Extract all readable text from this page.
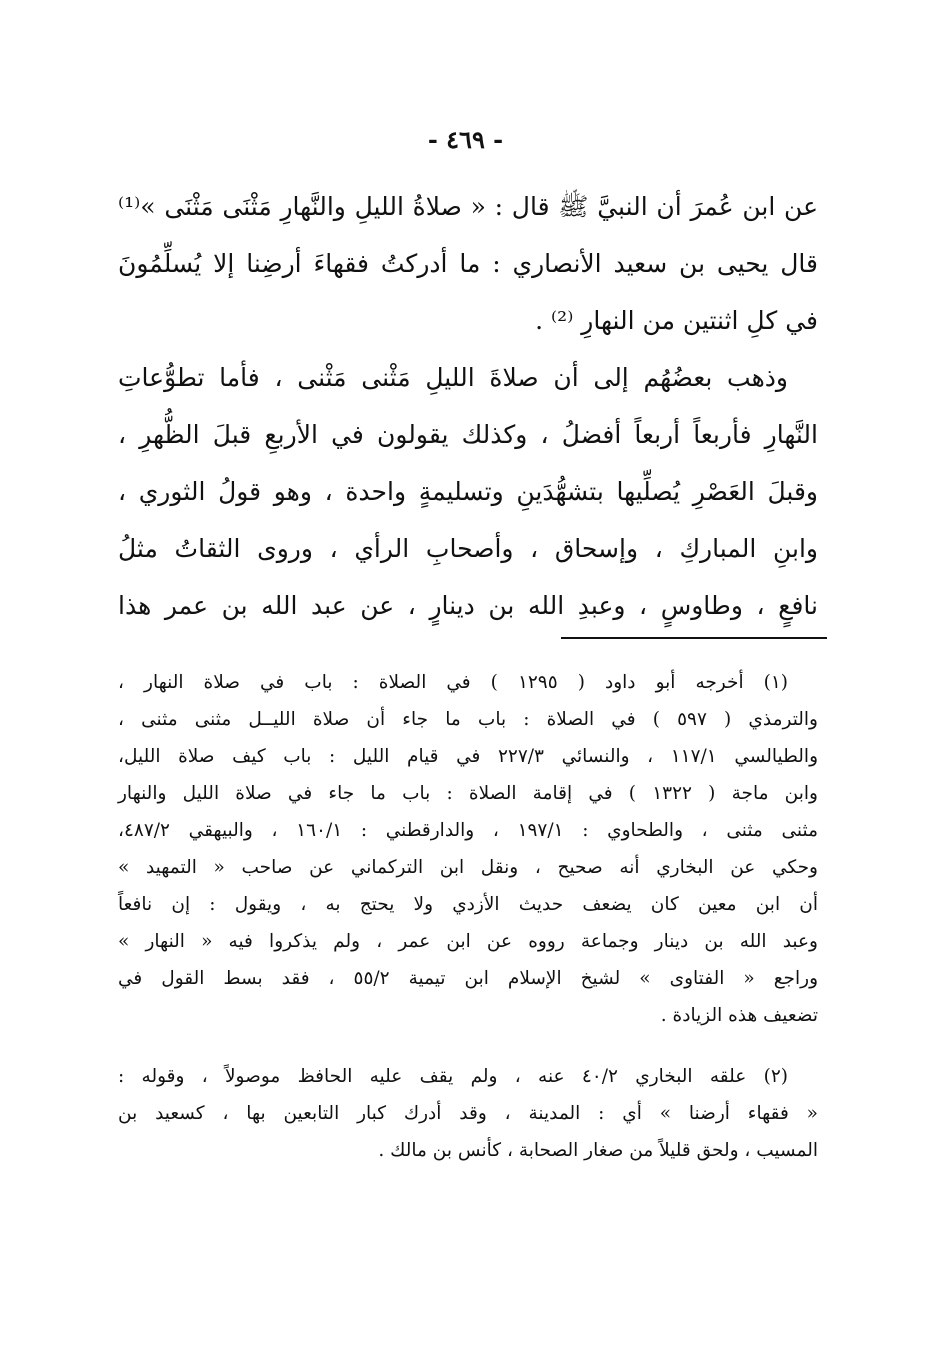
- ٤٦٩ -

عن ابن عُمرَ أن النبيَّ ﷺ قال : « صلاةُ الليلِ والنَّهارِ مَثْنَى مَثْنَى »⁽¹⁾

قال يحيى بن سعيد الأنصاري : ما أدركتُ فقهاءَ أرضِنا إلا يُسلِّمُونَ

في كلِ اثنتين من النهارِ ⁽²⁾ .

وذهب بعضُهُم إلى أن صلاةَ الليلِ مَثْنى مَثْنى ، فأما تطوُّعاتِ

النَّهارِ فأربعاً أربعاً أفضلُ ، وكذلك يقولون في الأربعِ قبلَ الظُّهرِ ،

وقبلَ العَصْرِ يُصلِّيها بتشهُّدَينِ وتسليمةٍ واحدة ، وهو قولُ الثوري ،

وابنِ المباركِ ، وإسحاق ، وأصحابِ الرأي ، وروى الثقاتُ مثلُ

نافعٍ ، وطاوسٍ ، وعبدِ الله بن دينارٍ ، عن عبد الله بن عمر هذا

(١) أخرجه أبو داود ( ١٢٩٥ ) في الصلاة : باب في صلاة النهار ،

والترمذي ( ٥٩٧ ) في الصلاة : باب ما جاء أن صلاة الليــل مثنى مثنى ،

والطيالسي ١١٧/١ ، والنسائي ٢٢٧/٣ في قيام الليل : باب كيف صلاة الليل،

وابن ماجة ( ١٣٢٢ ) في إقامة الصلاة : باب ما جاء في صلاة الليل والنهار

مثنى مثنى ، والطحاوي : ١٩٧/١ ، والدارقطني : ١٦٠/١ ، والبيهقي ٤٨٧/٢،

وحكي عن البخاري أنه صحيح ، ونقل ابن التركماني عن صاحب « التمهيد »

أن ابن معين كان يضعف حديث الأزدي ولا يحتج به ، ويقول : إن نافعاً

وعبد الله بن دينار وجماعة رووه عن ابن عمر ، ولم يذكروا فيه « النهار »

وراجع « الفتاوى » لشيخ الإسلام ابن تيمية ٥٥/٢ ، فقد بسط القول في

تضعيف هذه الزيادة .

(٢) علقه البخاري ٤٠/٢ عنه ، ولم يقف عليه الحافظ موصولاً ، وقوله :

« فقهاء أرضنا » أي : المدينة ، وقد أدرك كبار التابعين بها ، كسعيد بن

المسيب ، ولحق قليلاً من صغار الصحابة ، كأنس بن مالك .
